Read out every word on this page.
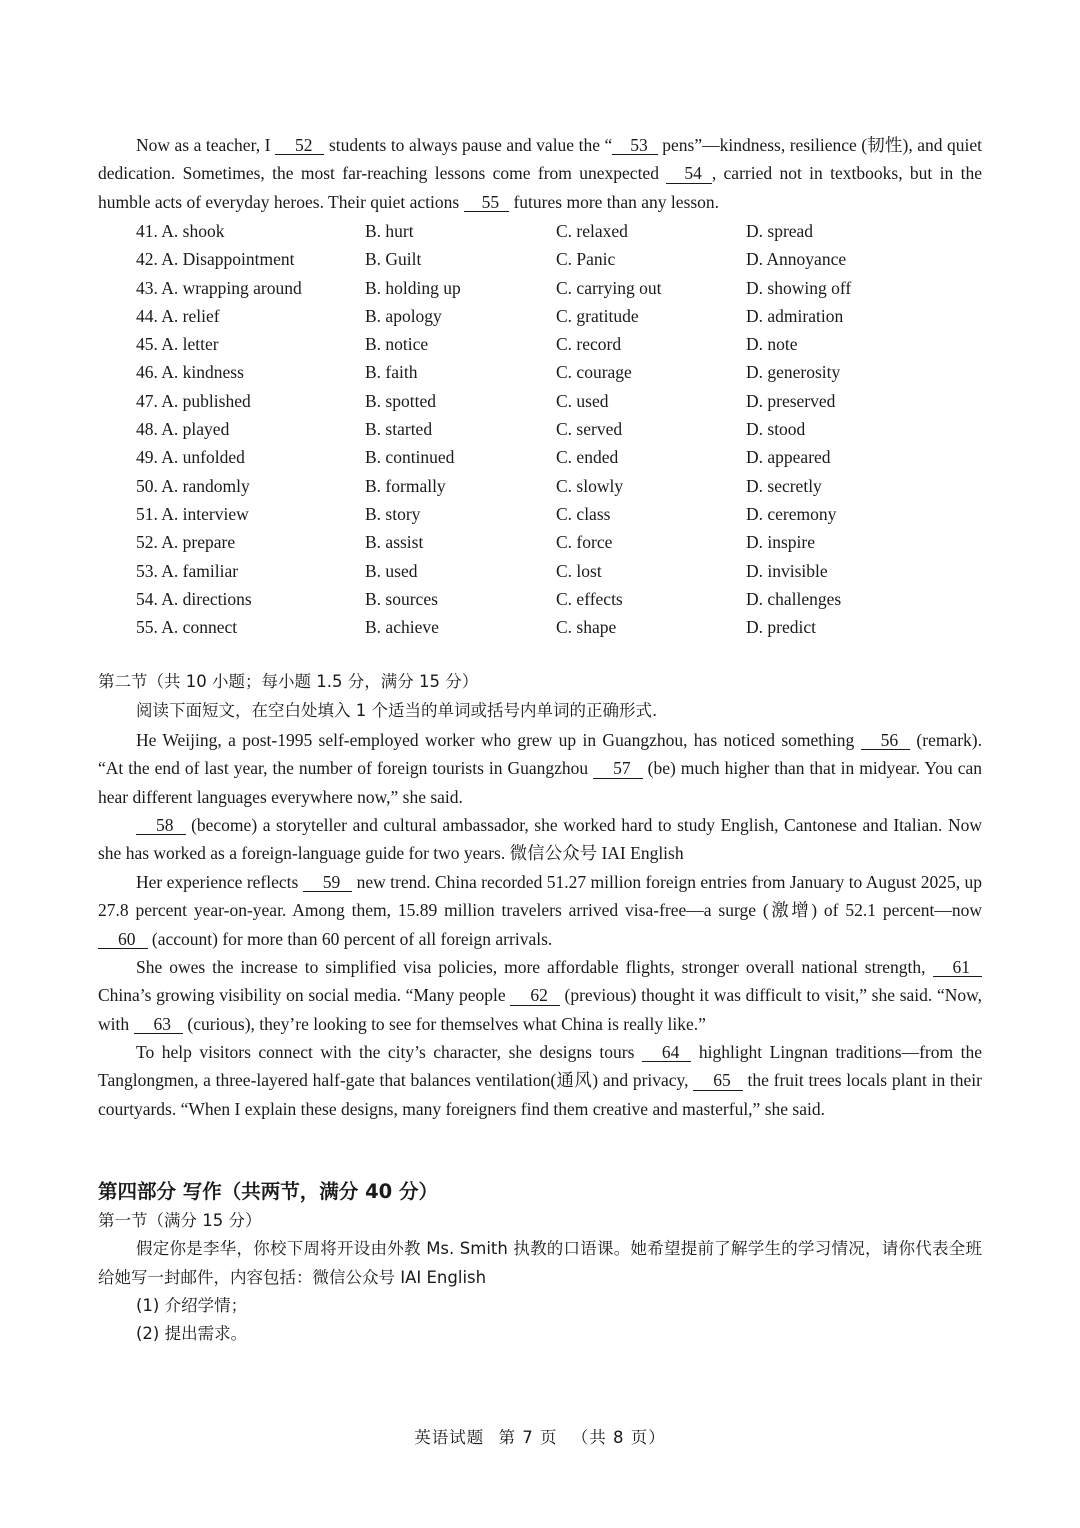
Now as a teacher, I 52 students to always pause and value the “ 53 pens”—kindness, resilience (韧性), and quiet dedication. Sometimes, the most far-reaching lessons come from unexpected 54 , carried not in textbooks, but in the humble acts of everyday heroes. Their quiet actions 55 futures more than any lesson.

41. A. shook	B. hurt	C. relaxed	D. spread
42. A. Disappointment	B. Guilt	C. Panic	D. Annoyance
43. A. wrapping around	B. holding up	C. carrying out	D. showing off
44. A. relief	B. apology	C. gratitude	D. admiration
45. A. letter	B. notice	C. record	D. note
46. A. kindness	B. faith	C. courage	D. generosity
47. A. published	B. spotted	C. used	D. preserved
48. A. played	B. started	C. served	D. stood
49. A. unfolded	B. continued	C. ended	D. appeared
50. A. randomly	B. formally	C. slowly	D. secretly
51. A. interview	B. story	C. class	D. ceremony
52. A. prepare	B. assist	C. force	D. inspire
53. A. familiar	B. used	C. lost	D. invisible
54. A. directions	B. sources	C. effects	D. challenges
55. A. connect	B. achieve	C. shape	D. predict
第二节（共 10 小题；每小题 1.5 分，满分 15 分）
阅读下面短文，在空白处填入 1 个适当的单词或括号内单词的正确形式.

He Weijing, a post-1995 self-employed worker who grew up in Guangzhou, has noticed something 56 (remark). “At the end of last year, the number of foreign tourists in Guangzhou 57 (be) much higher than that in midyear. You can hear different languages everywhere now,” she said.

58 (become) a storyteller and cultural ambassador, she worked hard to study English, Cantonese and Italian. Now she has worked as a foreign-language guide for two years. 微信公众号 IAI English

Her experience reflects 59 new trend. China recorded 51.27 million foreign entries from January to August 2025, up 27.8 percent year-on-year. Among them, 15.89 million travelers arrived visa-free—a surge (激增) of 52.1 percent—now 60 (account) for more than 60 percent of all foreign arrivals.

She owes the increase to simplified visa policies, more affordable flights, stronger overall national strength, 61 China’s growing visibility on social media. “Many people 62 (previous) thought it was difficult to visit,” she said. “Now, with 63 (curious), they’re looking to see for themselves what China is really like.”

To help visitors connect with the city’s character, she designs tours 64 highlight Lingnan traditions—from the Tanglongmen, a three-layered half-gate that balances ventilation(通风) and privacy, 65 the fruit trees locals plant in their courtyards. “When I explain these designs, many foreigners find them creative and masterful,” she said.

第四部分 写作（共两节，满分 40 分）
第一节（满分 15 分）

假定你是李华，你校下周将开设由外教 Ms. Smith 执教的口语课。她希望提前了解学生的学习情况，请你代表全班给她写一封邮件，内容包括：微信公众号 IAI English

(1) 介绍学情；
(2) 提出需求。
英语试题 第 7 页 （共 8 页）
